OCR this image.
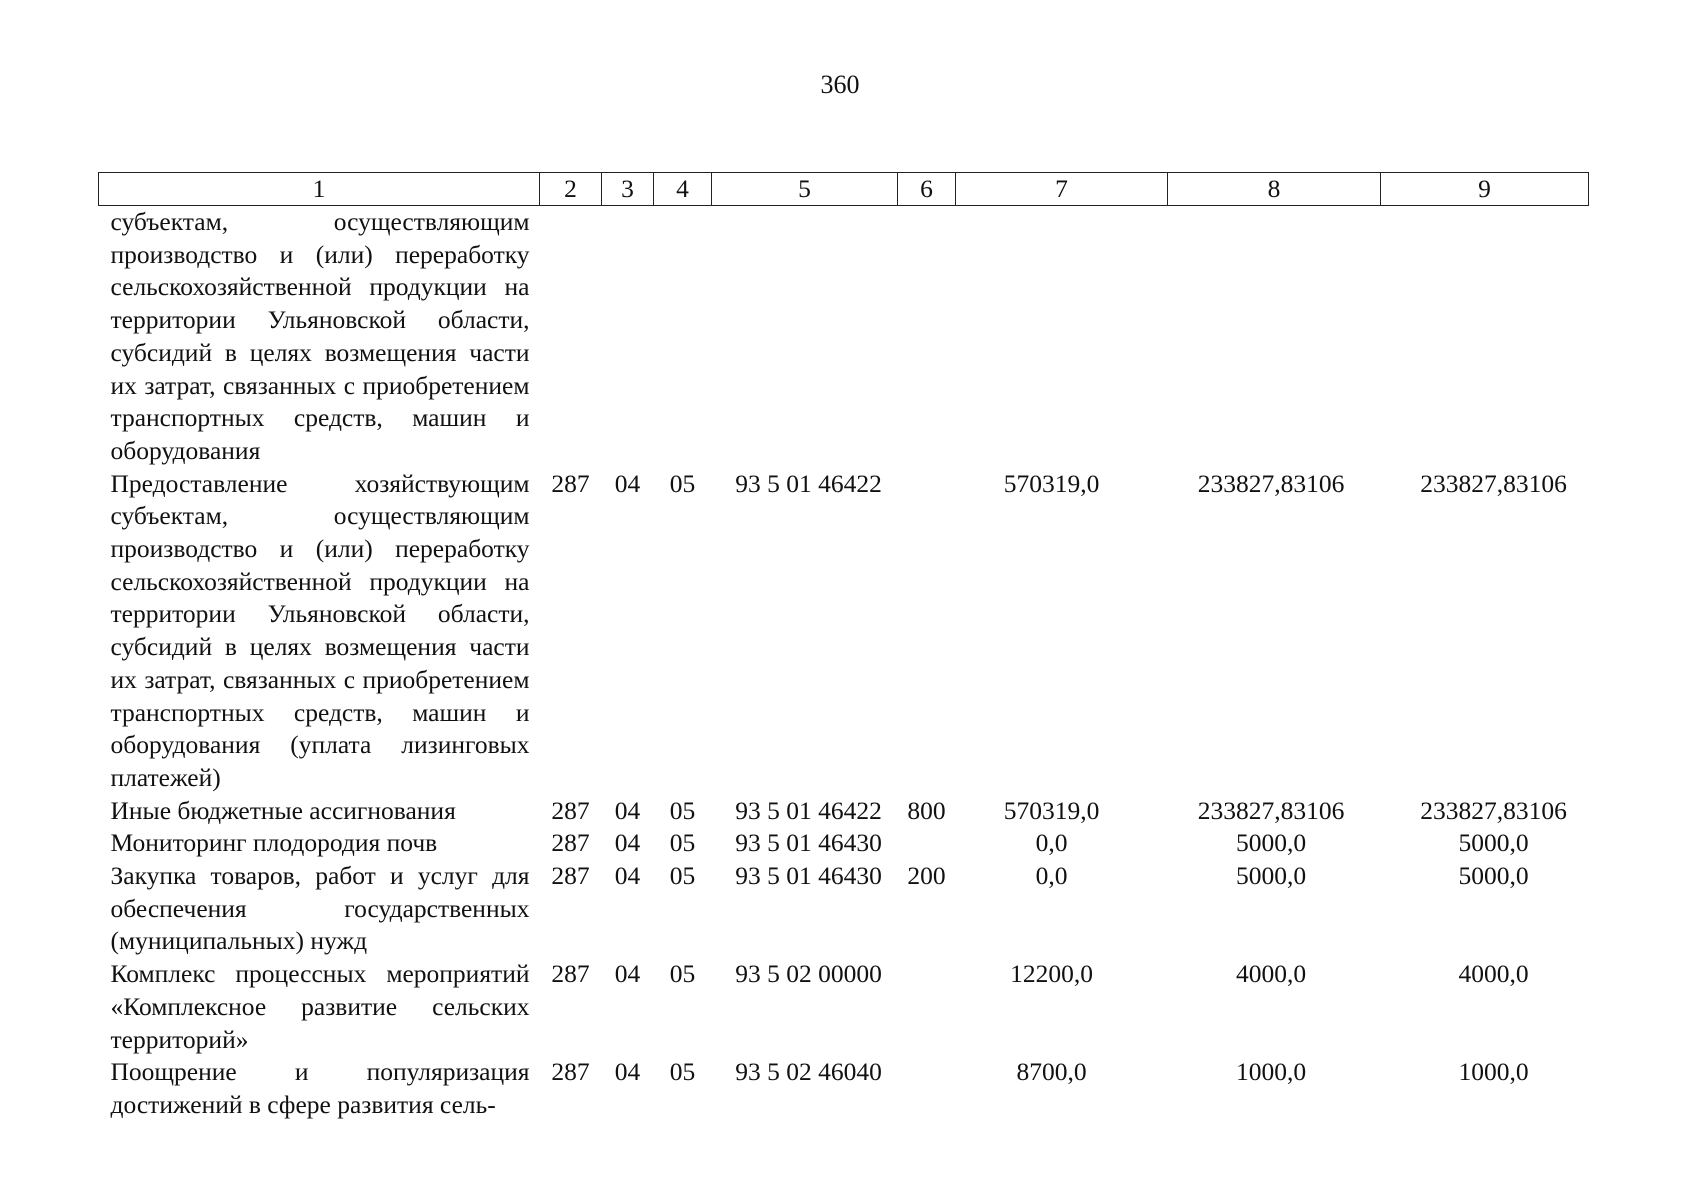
360
1	2	3	4	5	6	7	8	9
субъектам, осуществляющим производство и (или) переработку сельскохозяйственной продукции на территории Ульяновской области, субсидий в целях возмещения части их затрат, связанных с приобретением транспортных средств, машин и оборудования								
Предоставление хозяйствующим субъектам, осуществляющим производство и (или) переработку сельскохозяйственной продукции на территории Ульяновской области, субсидий в целях возмещения части их затрат, связанных с приобретением транспортных средств, машин и оборудования (уплата лизинговых платежей)	287	04	05	93 5 01 46422		570319,0	233827,83106	233827,83106
Иные бюджетные ассигнования	287	04	05	93 5 01 46422	800	570319,0	233827,83106	233827,83106
Мониторинг плодородия почв	287	04	05	93 5 01 46430		0,0	5000,0	5000,0
Закупка товаров, работ и услуг для обеспечения государственных (муниципальных) нужд	287	04	05	93 5 01 46430	200	0,0	5000,0	5000,0
Комплекс процессных мероприятий «Комплексное развитие сельских территорий»	287	04	05	93 5 02 00000		12200,0	4000,0	4000,0
Поощрение и популяризация достижений в сфере развития сель-	287	04	05	93 5 02 46040		8700,0	1000,0	1000,0
